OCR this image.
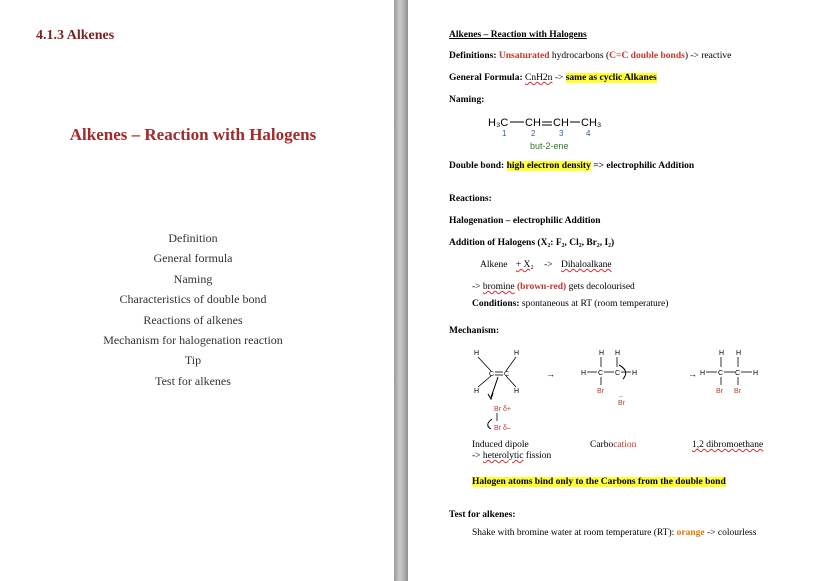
4.1.3 Alkenes
Alkenes – Reaction with Halogens
Definition
General formula
Naming
Characteristics of double bond
Reactions of alkenes
Mechanism for halogenation reaction
Tip
Test for alkenes
Alkenes – Reaction with Halogens
Definitions: Unsaturated hydrocarbons (C=C double bonds) -> reactive
General Formula: CnH2n -> same as cyclic Alkanes
Naming:
H₃C CH CH CH₃
1	2	3	4
but-2-ene
Double bond: high electron density => electrophilic Addition
Reactions:
Halogenation – electrophilic Addition
Addition of Halogens (X₂: F₂, Cl₂, Br₂, I₂)
Alkene + X₂ -> Dihaloalkane
-> bromine (brown-red) gets decolourised
Conditions: spontaneous at RT (room temperature)
Mechanism:
H	H
H	H
C C
Br δ+
Br δ–
→
H H
H C C H
Br
..
Br
→
H H
H C C H
Br Br
Induced dipole
-> heterolytic fission
Carbocation	1,2 dibromoethane
Halogen atoms bind only to the Carbons from the double bond
Test for alkenes:
Shake with bromine water at room temperature (RT): orange -> colourless
